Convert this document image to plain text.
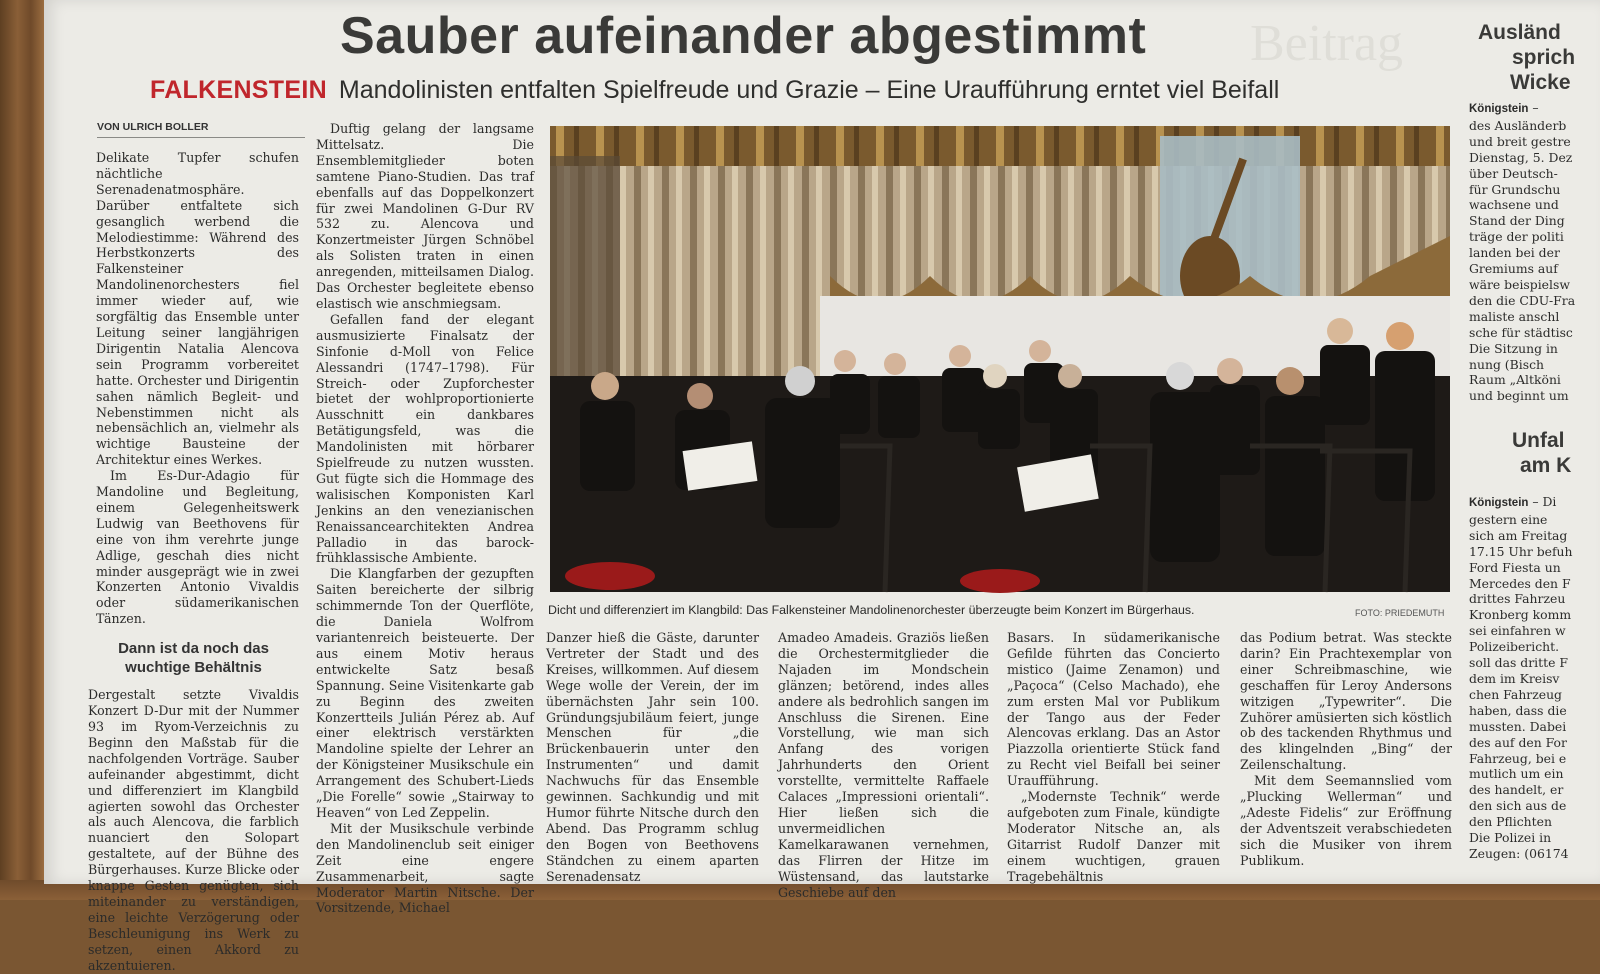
Beitrag
Sauber aufeinander abgestimmt
FALKENSTEIN Mandolinisten entfalten Spielfreude und Grazie – Eine Uraufführung erntet viel Beifall
VON ULRICH BOLLER

Delikate Tupfer schufen nächtliche Serenadenatmosphäre. Darüber entfaltete sich gesanglich werbend die Melodiestimme: Während des Herbstkonzerts des Falkensteiner Mandolinenorchesters fiel immer wieder auf, wie sorgfältig das Ensemble unter Leitung seiner langjährigen Dirigentin Natalia Alencova sein Programm vorbereitet hatte. Orchester und Dirigentin sahen nämlich Begleit- und Nebenstimmen nicht als nebensächlich an, vielmehr als wichtige Bausteine der Architektur eines Werkes.

Im Es-Dur-Adagio für Mandoline und Begleitung, einem Gelegenheitswerk Ludwig van Beethovens für eine von ihm verehrte junge Adlige, geschah dies nicht minder ausgeprägt wie in zwei Konzerten Antonio Vivaldis oder südamerikanischen Tänzen.

Dann ist da noch das wuchtige Behältnis

Dergestalt setzte Vivaldis Konzert D-Dur mit der Nummer 93 im Ryom-Verzeichnis zu Beginn den Maßstab für die nachfolgenden Vorträge. Sauber aufeinander abgestimmt, dicht und differenziert im Klangbild agierten sowohl das Orchester als auch Alencova, die farblich nuanciert den Solopart gestaltete, auf der Bühne des Bürgerhauses. Kurze Blicke oder knappe Gesten genügten, sich miteinander zu verständigen, eine leichte Verzögerung oder Beschleunigung ins Werk zu setzen, einen Akkord zu akzentuieren.

Duftig gelang der langsame Mittelsatz. Die Ensemblemitglieder boten samtene Piano-Studien. Das traf ebenfalls auf das Doppelkonzert für zwei Mandolinen G-Dur RV 532 zu. Alencova und Konzertmeister Jürgen Schnöbel als Solisten traten in einen anregenden, mitteilsamen Dialog. Das Orchester begleitete ebenso elastisch wie anschmiegsam.

Gefallen fand der elegant ausmusizierte Finalsatz der Sinfonie d-Moll von Felice Alessandri (1747–1798). Für Streich- oder Zupforchester bietet der wohlproportionierte Ausschnitt ein dankbares Betätigungsfeld, was die Mandolinisten mit hörbarer Spielfreude zu nutzen wussten. Gut fügte sich die Hommage des walisischen Komponisten Karl Jenkins an den venezianischen Renaissancearchitekten Andrea Palladio in das barock-frühklassische Ambiente.

Die Klangfarben der gezupften Saiten bereicherte der silbrig schimmernde Ton der Querflöte, die Daniela Wolfrom variantenreich beisteuerte. Der aus einem Motiv heraus entwickelte Satz besaß Spannung. Seine Visitenkarte gab zu Beginn des zweiten Konzertteils Julián Pérez ab. Auf einer elektrisch verstärkten Mandoline spielte der Lehrer an der Königsteiner Musikschule ein Arrangement des Schubert-Lieds „Die Forelle“ sowie „Stairway to Heaven“ von Led Zeppelin.

Mit der Musikschule verbinde den Mandolinenclub seit einiger Zeit eine engere Zusammenarbeit, sagte Moderator Martin Nitsche. Der Vorsitzende, Michael

Dicht und differenziert im Klangbild: Das Falkensteiner Mandolinenorchester überzeugte beim Konzert im Bürgerhaus.	FOTO: PRIEDEMUTH

Danzer hieß die Gäste, darunter Vertreter der Stadt und des Kreises, willkommen. Auf diesem Wege wolle der Verein, der im übernächsten Jahr sein 100. Gründungsjubiläum feiert, junge Menschen für „die Brückenbauerin unter den Instrumenten“ und damit Nachwuchs für das Ensemble gewinnen. Sachkundig und mit Humor führte Nitsche durch den Abend. Das Programm schlug den Bogen von Beethovens Ständchen zu einem aparten Serenadensatz

Amadeo Amadeis. Graziös ließen die Orchestermitglieder die Najaden im Mondschein glänzen; betörend, indes alles andere als bedrohlich sangen im Anschluss die Sirenen. Eine Vorstellung, wie man sich Anfang des vorigen Jahrhunderts den Orient vorstellte, vermittelte Raffaele Calaces „Impressioni orientali“. Hier ließen sich die unvermeidlichen Kamelkarawanen vernehmen, das Flirren der Hitze im Wüstensand, das lautstarke Geschiebe auf den

Basars. In südamerikanische Gefilde führten das Concierto misticо (Jaime Zenamon) und „Paçoca“ (Celso Machado), ehe zum ersten Mal vor Publikum der Tango aus der Feder Alencovas erklang. Das an Astor Piazzolla orientierte Stück fand zu Recht viel Beifall bei seiner Uraufführung.

„Modernste Technik“ werde aufgeboten zum Finale, kündigte Moderator Nitsche an, als Gitarrist Rudolf Danzer mit einem wuchtigen, grauen Tragebehältnis

das Podium betrat. Was steckte darin? Ein Prachtexemplar von einer Schreibmaschine, wie geschaffen für Leroy Andersons witzigen „Typewriter“. Die Zuhörer amüsierten sich köstlich ob des tackenden Rhythmus und des klingelnden „Bing“ der Zeilenschaltung.

Mit dem Seemannslied vom „Plucking Wellerman“ und „Adeste Fidelis“ zur Eröffnung der Adventszeit verabschiedeten sich die Musiker von ihrem Publikum.

Ausländ
sprich
Wicke
Königstein –
des Ausländerb
und breit gestre
Dienstag, 5. Dez
über Deutsch-
für Grundschu
wachsene und
Stand der Ding
träge der politi
landen bei der
Gremiums auf
wäre beispielsw
den die CDU-Fra
maliste anschl
sche für städtisc
Die Sitzung in
nung (Bisch
Raum „Altköni
und beginnt um
Unfal
am K
Königstein – Di
gestern eine
sich am Freitag
17.15 Uhr befuh
Ford Fiesta un
Mercedes den F
drittes Fahrzeu
Kronberg komm
sei einfahren w
Polizeibericht.
soll das dritte F
dem im Kreisv
chen Fahrzeug
haben, dass die
mussten. Dabei
des auf den For
Fahrzeug, bei e
mutlich um ein
des handelt, er
den sich aus de
den Pflichten
Die Polizei in
Zeugen: (06174
